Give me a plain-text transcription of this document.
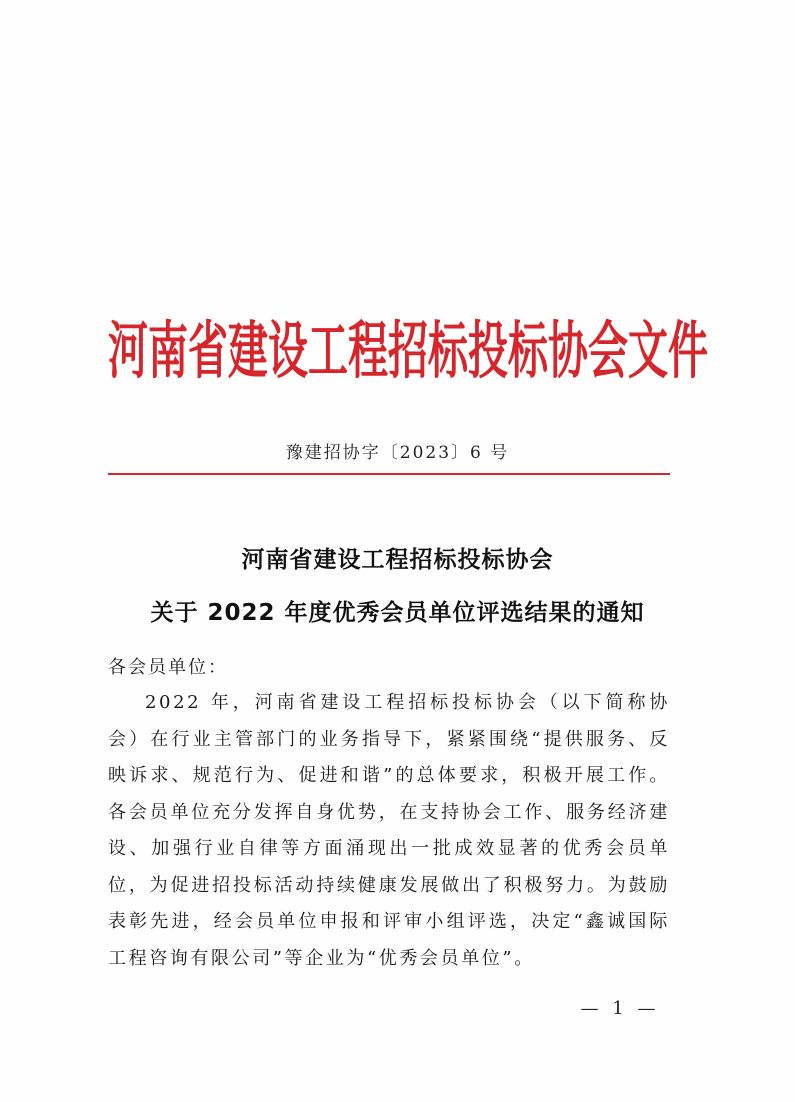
河南省建设工程招标投标协会文件
豫建招协字〔2023〕6 号
河南省建设工程招标投标协会
关于 2022 年度优秀会员单位评选结果的通知
各会员单位：
2022 年，河南省建设工程招标投标协会（以下简称协会）在行业主管部门的业务指导下，紧紧围绕“提供服务、反映诉求、规范行为、促进和谐”的总体要求，积极开展工作。各会员单位充分发挥自身优势，在支持协会工作、服务经济建设、加强行业自律等方面涌现出一批成效显著的优秀会员单位，为促进招投标活动持续健康发展做出了积极努力。为鼓励表彰先进，经会员单位申报和评审小组评选，决定“鑫诚国际工程咨询有限公司”等企业为“优秀会员单位”。
— 1 —
